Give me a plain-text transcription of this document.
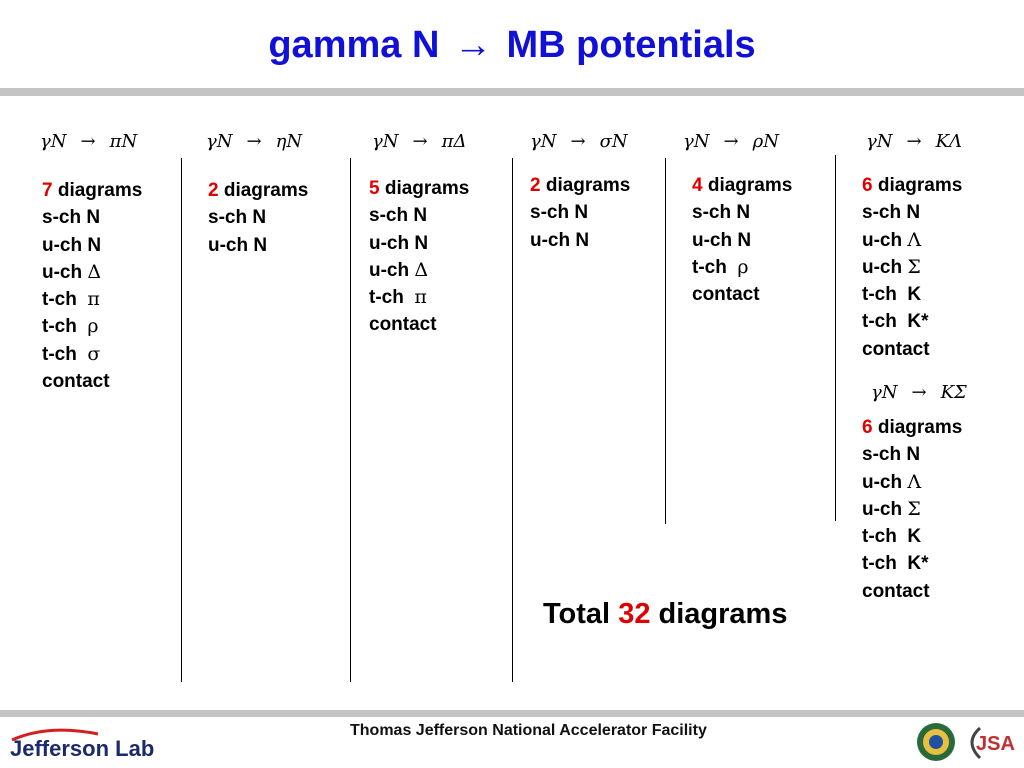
gamma N → MB potentials
γN → πN
7 diagrams
s-ch N
u-ch N
u-ch Δ
t-ch π
t-ch ρ
t-ch σ
contact
γN → ηN
2 diagrams
s-ch N
u-ch N
γN → πΔ
5 diagrams
s-ch N
u-ch N
u-ch Δ
t-ch π
contact
γN → σN
2 diagrams
s-ch N
u-ch N
γN → ρN
4 diagrams
s-ch N
u-ch N
t-ch ρ
contact
γN → KΛ
6 diagrams
s-ch N
u-ch Λ
u-ch Σ
t-ch K
t-ch K*
contact
γN → KΣ
6 diagrams
s-ch N
u-ch Λ
u-ch Σ
t-ch K
t-ch K*
contact
Total 32 diagrams
Jefferson Lab
Thomas Jefferson National Accelerator Facility
JSA
